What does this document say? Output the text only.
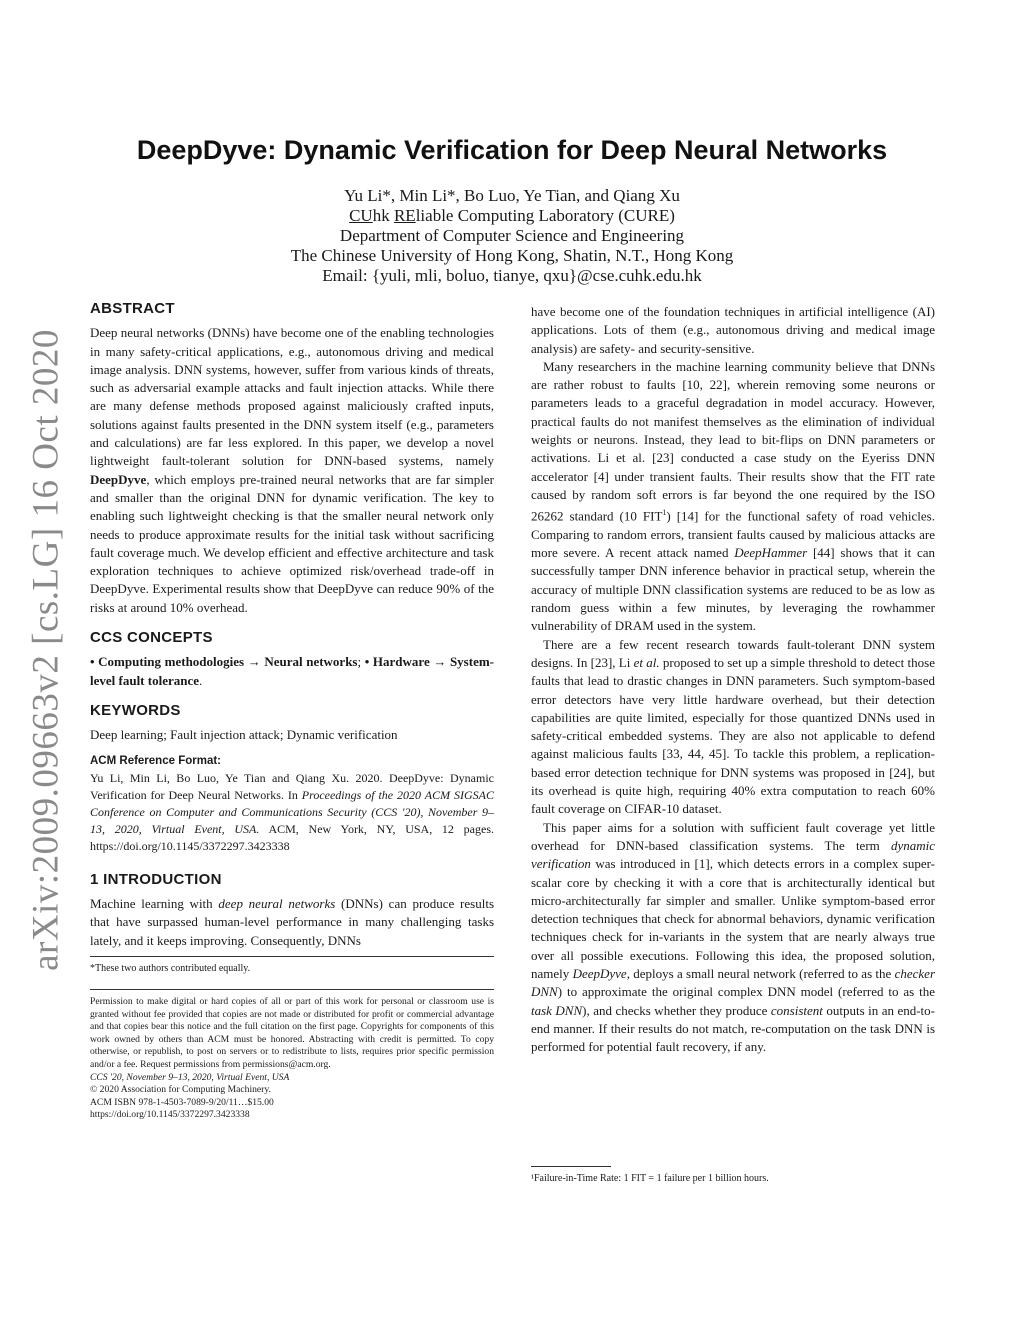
arXiv:2009.09663v2 [cs.LG] 16 Oct 2020
DeepDyve: Dynamic Verification for Deep Neural Networks
Yu Li*, Min Li*, Bo Luo, Ye Tian, and Qiang Xu
CUhk REliable Computing Laboratory (CURE)
Department of Computer Science and Engineering
The Chinese University of Hong Kong, Shatin, N.T., Hong Kong
Email: {yuli, mli, boluo, tianye, qxu}@cse.cuhk.edu.hk
ABSTRACT

Deep neural networks (DNNs) have become one of the enabling technologies in many safety-critical applications, e.g., autonomous driving and medical image analysis. DNN systems, however, suffer from various kinds of threats, such as adversarial example attacks and fault injection attacks. While there are many defense methods proposed against maliciously crafted inputs, solutions against faults presented in the DNN system itself (e.g., parameters and calculations) are far less explored. In this paper, we develop a novel lightweight fault-tolerant solution for DNN-based systems, namely DeepDyve, which employs pre-trained neural networks that are far simpler and smaller than the original DNN for dynamic verification. The key to enabling such lightweight checking is that the smaller neural network only needs to produce approximate results for the initial task without sacrificing fault coverage much. We develop efficient and effective architecture and task exploration techniques to achieve optimized risk/overhead trade-off in DeepDyve. Experimental results show that DeepDyve can reduce 90% of the risks at around 10% overhead.

CCS CONCEPTS

• Computing methodologies → Neural networks; • Hardware → System-level fault tolerance.

KEYWORDS

Deep learning; Fault injection attack; Dynamic verification

ACM Reference Format:

Yu Li, Min Li, Bo Luo, Ye Tian and Qiang Xu. 2020. DeepDyve: Dynamic Verification for Deep Neural Networks. In Proceedings of the 2020 ACM SIGSAC Conference on Computer and Communications Security (CCS '20), November 9–13, 2020, Virtual Event, USA. ACM, New York, NY, USA, 12 pages. https://doi.org/10.1145/3372297.3423338

1 INTRODUCTION

Machine learning with deep neural networks (DNNs) can produce results that have surpassed human-level performance in many challenging tasks lately, and it keeps improving. Consequently, DNNs

*These two authors contributed equally.

Permission to make digital or hard copies of all or part of this work for personal or classroom use is granted without fee provided that copies are not made or distributed for profit or commercial advantage and that copies bear this notice and the full citation on the first page. Copyrights for components of this work owned by others than ACM must be honored. Abstracting with credit is permitted. To copy otherwise, or republish, to post on servers or to redistribute to lists, requires prior specific permission and/or a fee. Request permissions from permissions@acm.org.

CCS '20, November 9–13, 2020, Virtual Event, USA
© 2020 Association for Computing Machinery.
ACM ISBN 978-1-4503-7089-9/20/11…$15.00
https://doi.org/10.1145/3372297.3423338

have become one of the foundation techniques in artificial intelligence (AI) applications. Lots of them (e.g., autonomous driving and medical image analysis) are safety- and security-sensitive.

Many researchers in the machine learning community believe that DNNs are rather robust to faults [10, 22], wherein removing some neurons or parameters leads to a graceful degradation in model accuracy. However, practical faults do not manifest themselves as the elimination of individual weights or neurons. Instead, they lead to bit-flips on DNN parameters or activations. Li et al. [23] conducted a case study on the Eyeriss DNN accelerator [4] under transient faults. Their results show that the FIT rate caused by random soft errors is far beyond the one required by the ISO 26262 standard (10 FIT$^1$) [14] for the functional safety of road vehicles. Comparing to random errors, transient faults caused by malicious attacks are more severe. A recent attack named DeepHammer [44] shows that it can successfully tamper DNN inference behavior in practical setup, wherein the accuracy of multiple DNN classification systems are reduced to be as low as random guess within a few minutes, by leveraging the rowhammer vulnerability of DRAM used in the system.

There are a few recent research towards fault-tolerant DNN system designs. In [23], Li et al. proposed to set up a simple threshold to detect those faults that lead to drastic changes in DNN parameters. Such symptom-based error detectors have very little hardware overhead, but their detection capabilities are quite limited, especially for those quantized DNNs used in safety-critical embedded systems. They are also not applicable to defend against malicious faults [33, 44, 45]. To tackle this problem, a replication-based error detection technique for DNN systems was proposed in [24], but its overhead is quite high, requiring 40% extra computation to reach 60% fault coverage on CIFAR-10 dataset.

This paper aims for a solution with sufficient fault coverage yet little overhead for DNN-based classification systems. The term dynamic verification was introduced in [1], which detects errors in a complex super-scalar core by checking it with a core that is architecturally identical but micro-architecturally far simpler and smaller. Unlike symptom-based error detection techniques that check for abnormal behaviors, dynamic verification techniques check for in-variants in the system that are nearly always true over all possible executions. Following this idea, the proposed solution, namely DeepDyve, deploys a small neural network (referred to as the checker DNN) to approximate the original complex DNN model (referred to as the task DNN), and checks whether they produce consistent outputs in an end-to-end manner. If their results do not match, re-computation on the task DNN is performed for potential fault recovery, if any.

¹Failure-in-Time Rate: 1 FIT = 1 failure per 1 billion hours.
